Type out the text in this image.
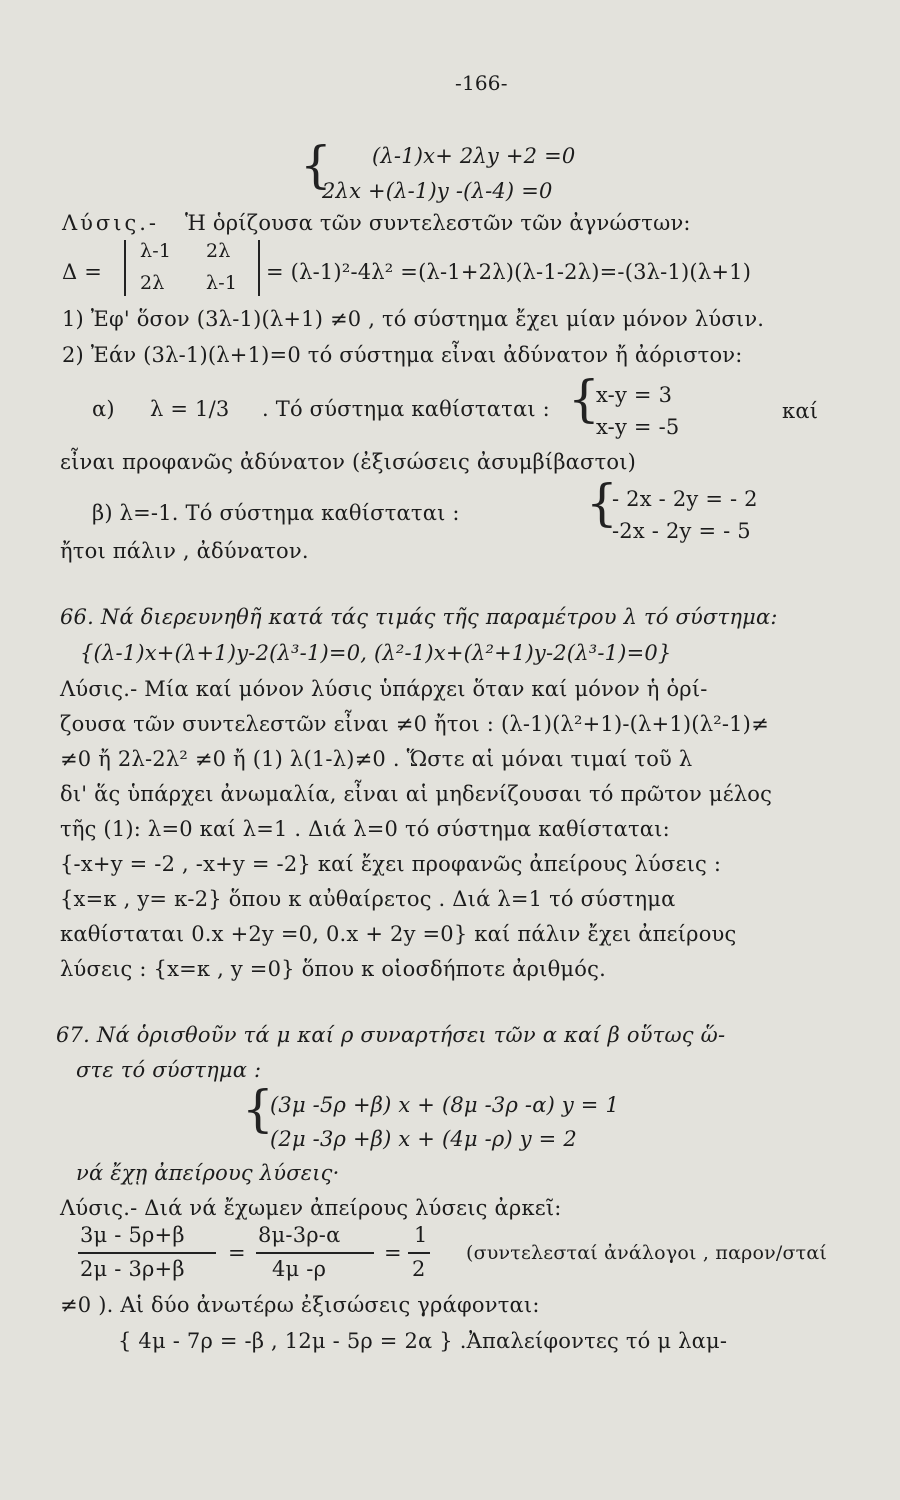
-166-
{ (λ-1)x+ 2λy +2 =0
2λx +(λ-1)y -(λ-4) =0
Λύσις.- Ἡ ὁρίζουσα τῶν συντελεστῶν τῶν ἀγνώστων:
Δ =
λ-1 2λ
2λ λ-1 = (λ-1)²-4λ² =(λ-1+2λ)(λ-1-2λ)=-(3λ-1)(λ+1)
1) Ἐφ' ὅσον (3λ-1)(λ+1) ≠0 , τό σύστημα ἔχει μίαν μόνον λύσιν.
2) Ἐάν (3λ-1)(λ+1)=0 τό σύστημα εἶναι ἀδύνατον ἤ ἀόριστον:
α) λ = 1/3 . Τό σύστημα καθίσταται : {
x-y = 3
x-y = -5
καί
εἶναι προφανῶς ἀδύνατον (ἐξισώσεις ἀσυμβίβαστοι)
β) λ=-1. Τό σύστημα καθίσταται :	{
- 2x - 2y = - 2
-2x - 2y = - 5
ἤτοι πάλιν , ἀδύνατον.
66. Νά διερευνηθῆ κατά τάς τιμάς τῆς παραμέτρου λ τό σύστημα:
{(λ-1)x+(λ+1)y-2(λ³-1)=0, (λ²-1)x+(λ²+1)y-2(λ³-1)=0}
Λύσις.- Μία καί μόνον λύσις ὑπάρχει ὅταν καί μόνον ἡ ὁρί-
ζουσα τῶν συντελεστῶν εἶναι ≠0 ἤτοι : (λ-1)(λ²+1)-(λ+1)(λ²-1)≠
≠0 ἤ 2λ-2λ² ≠0 ἤ (1) λ(1-λ)≠0 . Ὥστε αἱ μόναι τιμαί τοῦ λ
δι' ἅς ὑπάρχει ἀνωμαλία, εἶναι αἱ μηδενίζουσαι τό πρῶτον μέλος
τῆς (1): λ=0 καί λ=1 . Διά λ=0 τό σύστημα καθίσταται:
{-x+y = -2 , -x+y = -2} καί ἔχει προφανῶς ἀπείρους λύσεις :
{x=κ , y= κ-2} ὅπου κ αὐθαίρετος . Διά λ=1 τό σύστημα
καθίσταται 0.x +2y =0, 0.x + 2y =0} καί πάλιν ἔχει ἀπείρους
λύσεις : {x=κ , y =0} ὅπου κ οἱοσδήποτε ἀριθμός.
67. Νά ὁρισθοῦν τά μ καί ρ συναρτήσει τῶν α καί β οὕτως ὥ-
στε τό σύστημα :
{
(3μ -5ρ +β) x + (8μ -3ρ -α) y = 1
(2μ -3ρ +β) x + (4μ -ρ) y = 2
νά ἔχῃ ἀπείρους λύσεις·
Λύσις.- Διά νά ἔχωμεν ἀπείρους λύσεις ἀρκεῖ:
3μ - 5ρ+β
2μ - 3ρ+β
=
8μ-3ρ-α
4μ -ρ
=
1
2
(συντελεσταί ἀνάλογοι , παρον/σταί
≠0 ). Αἱ δύο ἀνωτέρω ἐξισώσεις γράφονται:
{ 4μ - 7ρ = -β , 12μ - 5ρ = 2α } .Ἀπαλείφοντες τό μ λαμ-
